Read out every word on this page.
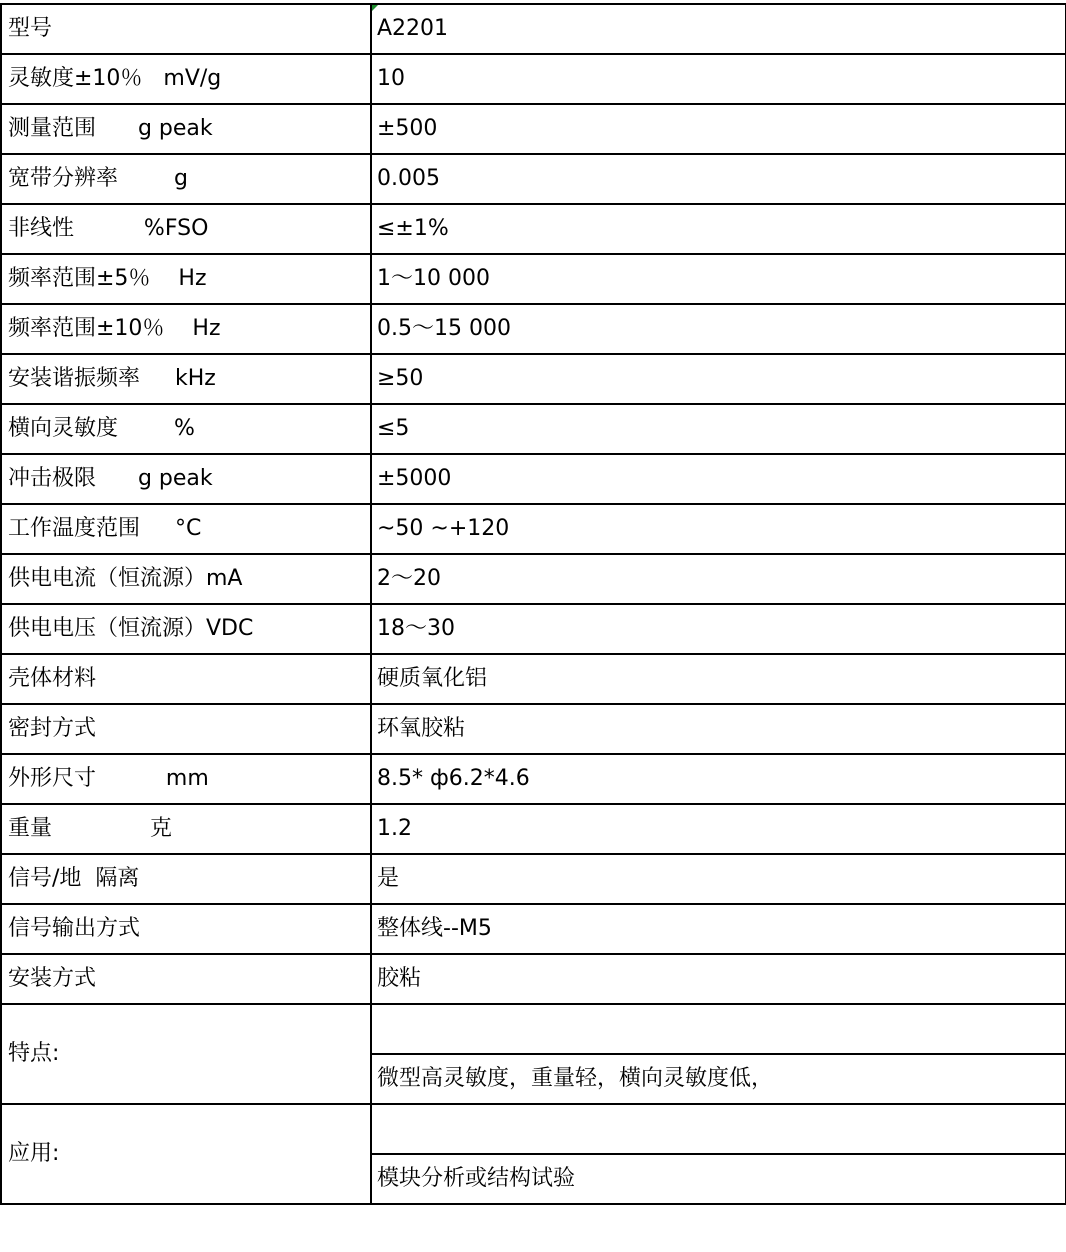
型号	A2201
灵敏度±10％   mV/g	10
测量范围      g peak	±500
宽带分辨率        g	0.005
非线性          %FSO	≤±1%
频率范围±5％    Hz	1～10 000
频率范围±10％    Hz	0.5～15 000
安装谐振频率     kHz	≥50
横向灵敏度        %	≤5
冲击极限      g peak	±5000
工作温度范围     °C	~50 ~+120
供电电流（恒流源）mA	2～20
供电电压（恒流源）VDC	18～30
壳体材料	硬质氧化铝
密封方式	环氧胶粘
外形尺寸          mm	8.5* ф6.2*4.6
重量              克	1.2
信号/地  隔离	是
信号输出方式	整体线--M5
安装方式	胶粘
特点:	
	微型高灵敏度，重量轻，横向灵敏度低，
应用:	
	模块分析或结构试验
